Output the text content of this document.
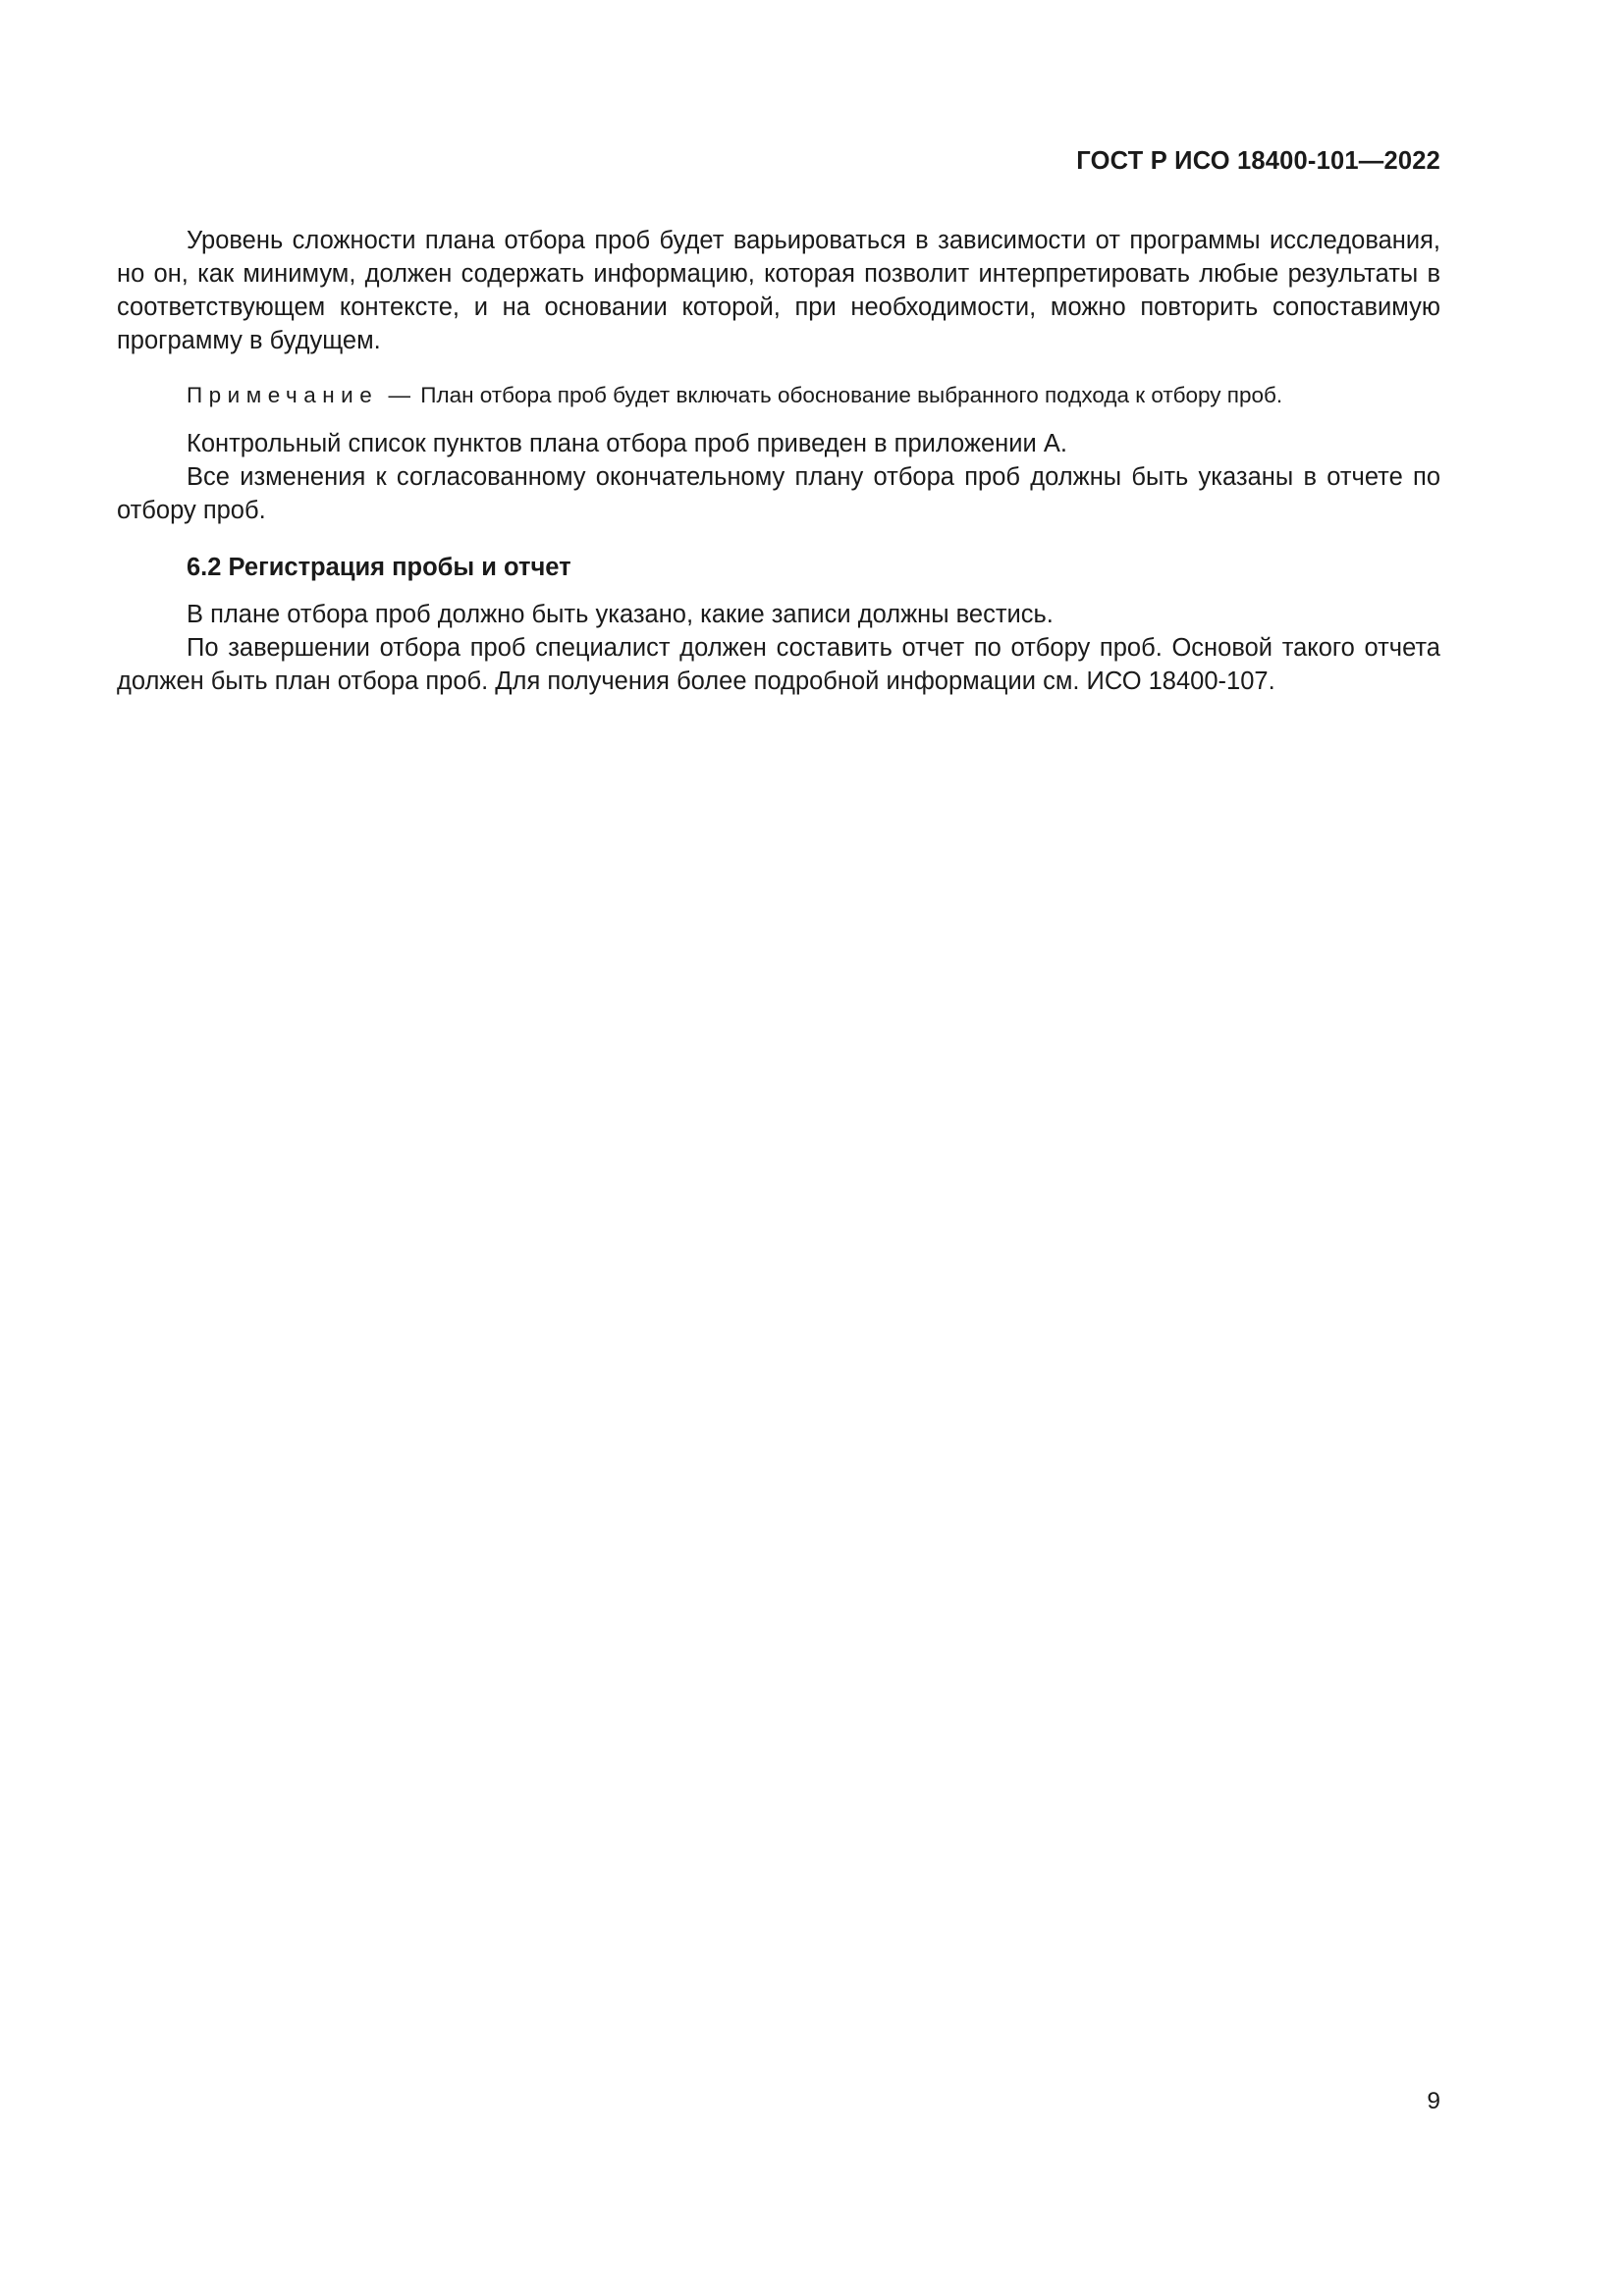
ГОСТ Р ИСО 18400-101—2022

Уровень сложности плана отбора проб будет варьироваться в зависимости от программы исследования, но он, как минимум, должен содержать информацию, которая позволит интерпретировать любые результаты в соответствующем контексте, и на основании которой, при необходимости, можно повторить сопоставимую программу в будущем.

Примечание — План отбора проб будет включать обоснование выбранного подхода к отбору проб.

Контрольный список пунктов плана отбора проб приведен в приложении А.

Все изменения к согласованному окончательному плану отбора проб должны быть указаны в отчете по отбору проб.

6.2 Регистрация пробы и отчет

В плане отбора проб должно быть указано, какие записи должны вестись.

По завершении отбора проб специалист должен составить отчет по отбору проб. Основой такого отчета должен быть план отбора проб. Для получения более подробной информации см. ИСО 18400-107.

9
